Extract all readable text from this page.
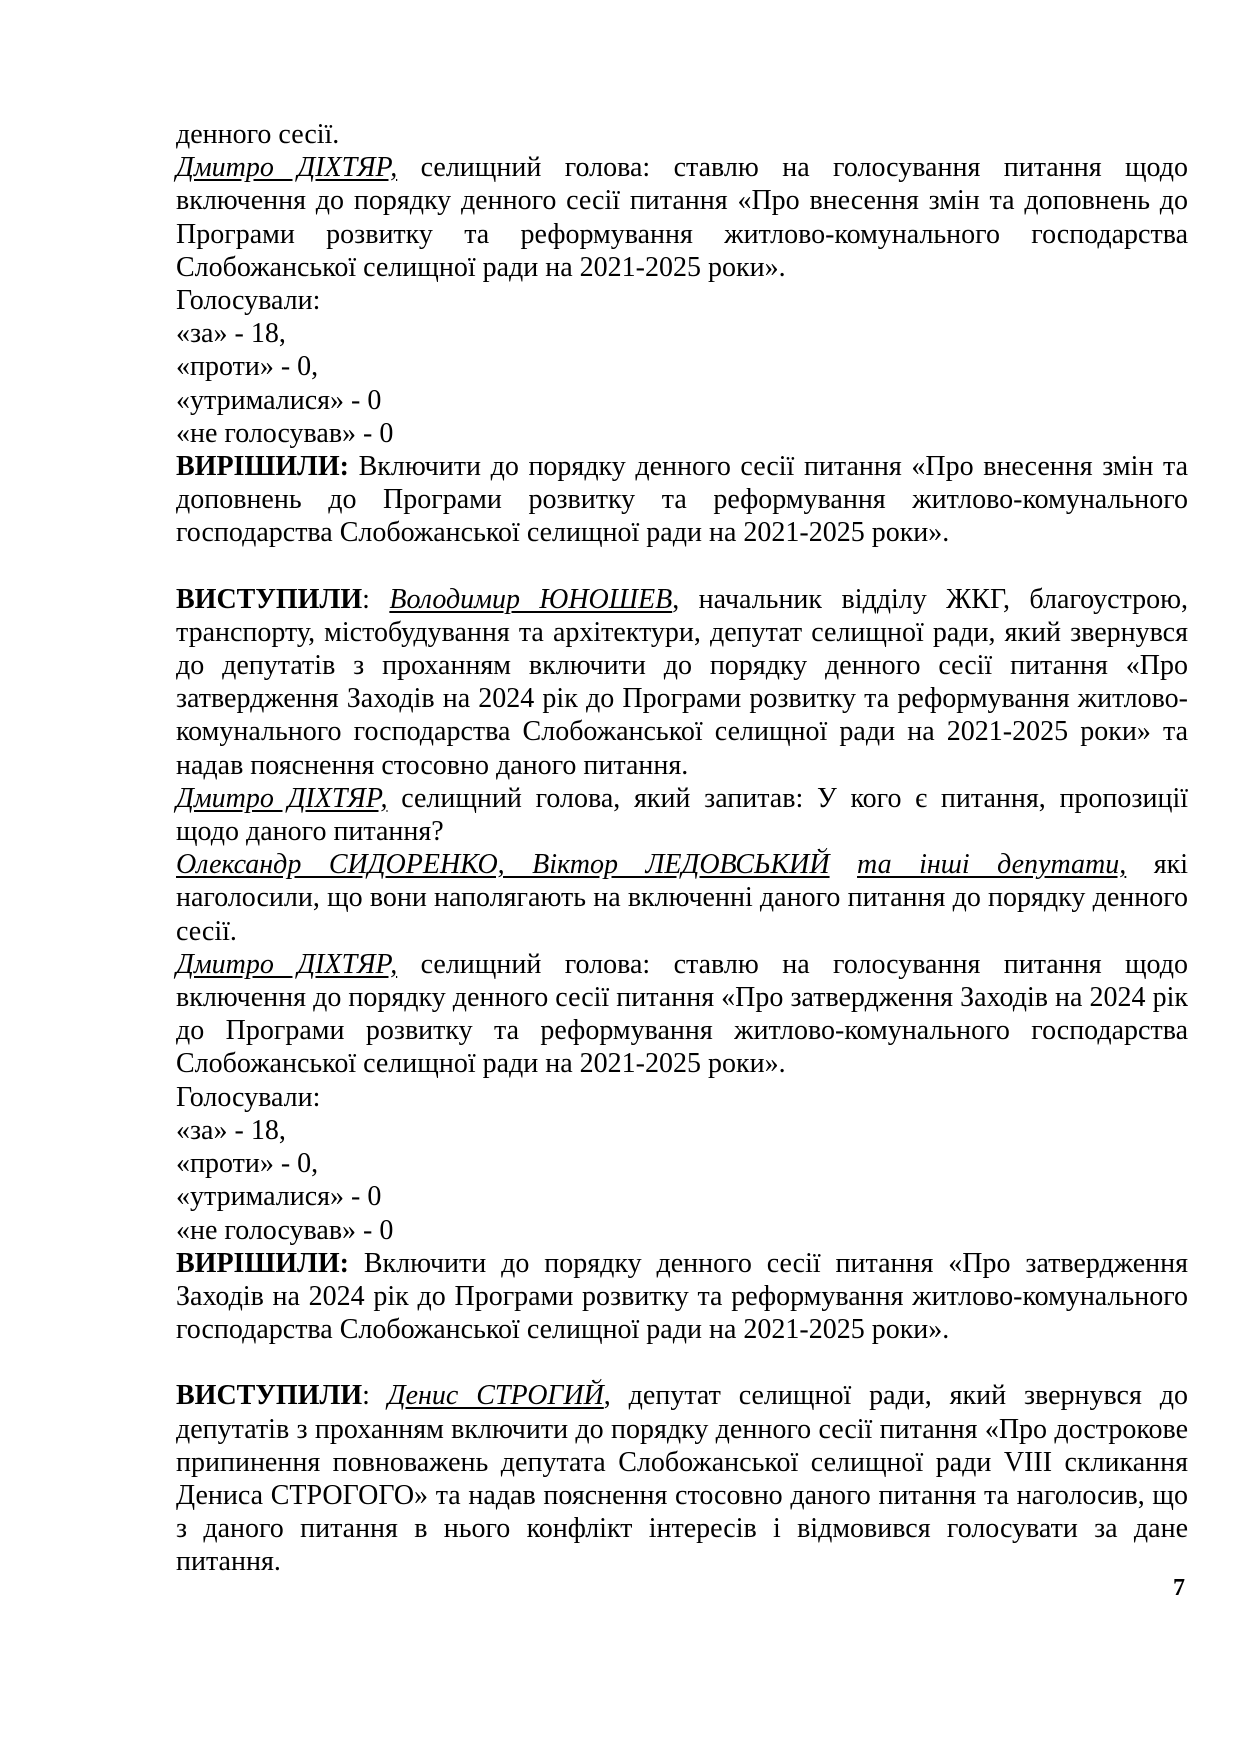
денного сесії.

Дмитро ДІХТЯР, селищний голова: ставлю на голосування питання щодо включення до порядку денного сесії питання «Про внесення змін та доповнень до Програми розвитку та реформування житлово-комунального господарства Слобожанської селищної ради на 2021-2025 роки».

Голосували:

«за» - 18,

«проти» - 0,

«утрималися» - 0

«не голосував» - 0

ВИРІШИЛИ: Включити до порядку денного сесії питання «Про внесення змін та доповнень до Програми розвитку та реформування житлово-комунального господарства Слобожанської селищної ради на 2021-2025 роки».

ВИСТУПИЛИ: Володимир ЮНОШЕВ, начальник відділу ЖКГ, благоустрою, транспорту, містобудування та архітектури, депутат селищної ради, який звернувся до депутатів з проханням включити до порядку денного сесії питання «Про затвердження Заходів на 2024 рік до Програми розвитку та реформування житлово-комунального господарства Слобожанської селищної ради на 2021-2025 роки» та надав пояснення стосовно даного питання.

Дмитро ДІХТЯР, селищний голова, який запитав: У кого є питання, пропозиції щодо даного питання?

Олександр СИДОРЕНКО, Віктор ЛЕДОВСЬКИЙ та інші депутати, які наголосили, що вони наполягають на включенні даного питання до порядку денного сесії.

Дмитро ДІХТЯР, селищний голова: ставлю на голосування питання щодо включення до порядку денного сесії питання «Про затвердження Заходів на 2024 рік до Програми розвитку та реформування житлово-комунального господарства Слобожанської селищної ради на 2021-2025 роки».

Голосували:

«за» - 18,

«проти» - 0,

«утрималися» - 0

«не голосував» - 0

ВИРІШИЛИ: Включити до порядку денного сесії питання «Про затвердження Заходів на 2024 рік до Програми розвитку та реформування житлово-комунального господарства Слобожанської селищної ради на 2021-2025 роки».

ВИСТУПИЛИ: Денис СТРОГИЙ, депутат селищної ради, який звернувся до депутатів з проханням включити до порядку денного сесії питання «Про дострокове припинення повноважень депутата Слобожанської селищної ради VIII скликання Дениса СТРОГОГО» та надав пояснення стосовно даного питання та наголосив, що з даного питання в нього конфлікт інтересів і відмовився голосувати за дане питання.

7
